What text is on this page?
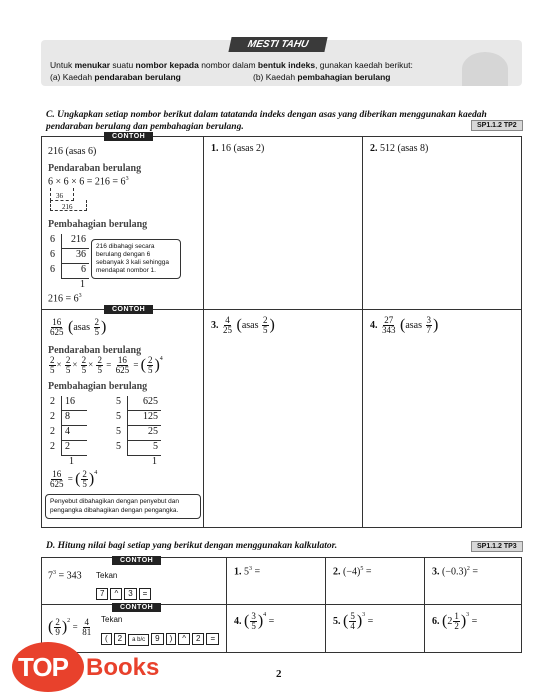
MESTI TAHU
Untuk menukar suatu nombor kepada nombor dalam bentuk indeks, gunakan kaedah berikut:
(a) Kaedah pendaraban berulang	(b) Kaedah pembahagian berulang
C. Ungkapkan setiap nombor berikut dalam tatatanda indeks dengan asas yang diberikan menggunakan kaedah pendaraban berulang dan pembahagian berulang.	SP1.1.2 TP2
CONTOH
216 (asas 6)
Pendaraban berulang
$6 \times 6 \times 6 = 216 = 6^3$
36
216
Pembahagian berulang
6	216
6	36
6	6
1
216 dibahagi secara berulang dengan 6 sebanyak 3 kali sehingga mendapat nombor 1.
$216 = 6^3$
CONTOH
$\frac{16}{625}$ (asas $\frac{2}{5}$ )
Pendaraban berulang
$\frac{2}{5} \times \frac{2}{5} \times \frac{2}{5} \times \frac{2}{5} = \frac{16}{625}$ = ( $\frac{2}{5} )^4$
Pembahagian berulang
2	16
2	8
2	4
2	2
1
5	625
5	125
5	25
5	5
1
$\frac{16}{625}$ = ( $\frac{2}{5} )^4$
Penyebut dibahagikan dengan penyebut dan pengangka dibahagikan dengan pengangka.
1. 16 (asas 2)	2. 512 (asas 8)
3. $\frac{4}{25}$ (asas $\frac{2}{5}$ )	4. $\frac{27}{343}$ (asas $\frac{3}{7}$ )
D. Hitung nilai bagi setiap yang berikut dengan menggunakan kalkulator.	SP1.1.2 TP3
CONTOH
CONTOH
$7^3 = 343$ Tekan
7 ^ 3 =
( $\frac{2}{9} )^2 = \frac{4}{81}$ Tekan
( 2 a b/c 9 ) ^ 2 =
1. $5^3$ =	2. $(-4)^5$ =	3. $(-0.3)^2$ =
4. ( $\frac{3}{5} )^4$ =	5. ( $\frac{5}{4} )^3$ =	6. $(2 \frac{1}{2} )^3$ =
2
TOP Books
